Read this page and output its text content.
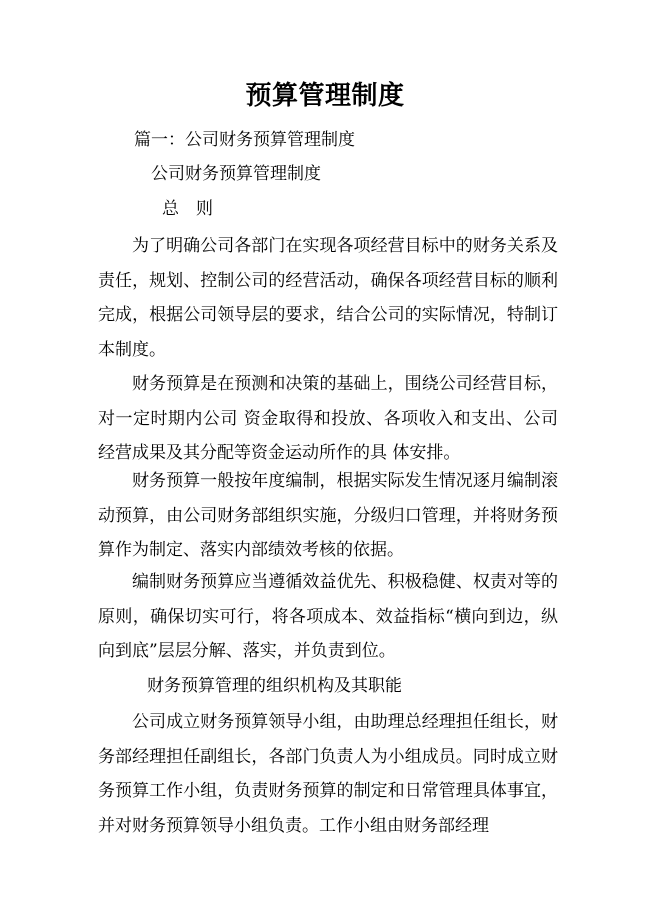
预算管理制度
篇一：公司财务预算管理制度
公司财务预算管理制度
总　则
为了明确公司各部门在实现各项经营目标中的财务关系及责任，规划、控制公司的经营活动，确保各项经营目标的顺利完成，根据公司领导层的要求，结合公司的实际情况，特制订本制度。
财务预算是在预测和决策的基础上，围绕公司经营目标，对一定时期内公司 资金取得和投放、各项收入和支出、公司经营成果及其分配等资金运动所作的具 体安排。
财务预算一般按年度编制，根据实际发生情况逐月编制滚动预算，由公司财务部组织实施，分级归口管理，并将财务预算作为制定、落实内部绩效考核的依据。
编制财务预算应当遵循效益优先、积极稳健、权责对等的原则，确保切实可行，将各项成本、效益指标“横向到边，纵向到底”层层分解、落实，并负责到位。
财务预算管理的组织机构及其职能
公司成立财务预算领导小组，由助理总经理担任组长，财务部经理担任副组长，各部门负责人为小组成员。同时成立财务预算工作小组，负责财务预算的制定和日常管理具体事宜，并对财务预算领导小组负责。工作小组由财务部经理
